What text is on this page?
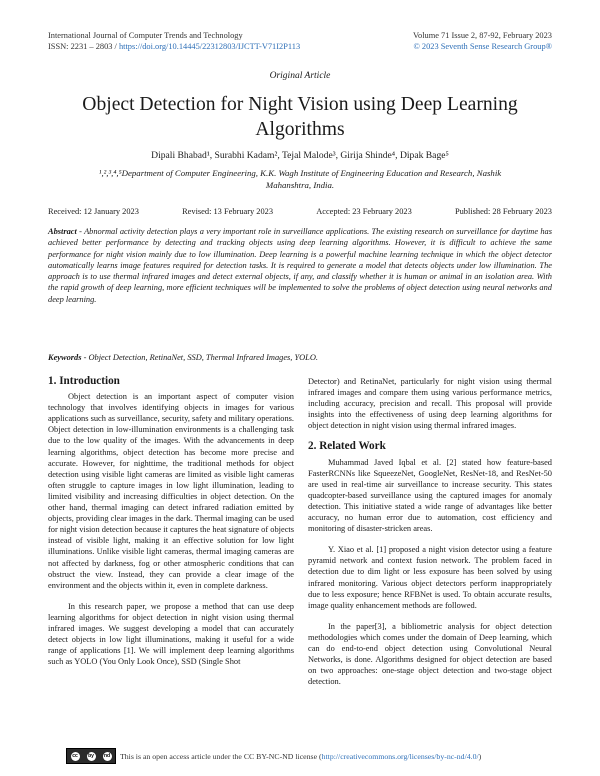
International Journal of Computer Trends and Technology
ISSN: 2231 – 2803 / https://doi.org/10.14445/22312803/IJCTT-V71I2P113
Volume 71 Issue 2, 87-92, February 2023
© 2023 Seventh Sense Research Group®
Original Article
Object Detection for Night Vision using Deep Learning Algorithms
Dipali Bhabad¹, Surabhi Kadam², Tejal Malode³, Girija Shinde⁴, Dipak Bage⁵
¹,²,³,⁴,⁵Department of Computer Engineering, K.K. Wagh Institute of Engineering Education and Research, Nashik Mahanshtra, India.
Received: 12 January 2023	Revised: 13 February 2023	Accepted: 23 February 2023	Published: 28 February 2023
Abstract - Abnormal activity detection plays a very important role in surveillance applications. The existing research on surveillance for daytime has achieved better performance by detecting and tracking objects using deep learning algorithms. However, it is difficult to achieve the same performance for night vision mainly due to low illumination. Deep learning is a powerful machine learning technique in which the object detector automatically learns image features required for detection tasks. It is required to generate a model that detects objects under low illumination. The approach is to use thermal infrared images and detect external objects, if any, and classify whether it is human or animal in an isolation area. With the rapid growth of deep learning, more efficient techniques will be implemented to solve the problems of object detection using neural networks and deep learning.
Keywords - Object Detection, RetinaNet, SSD, Thermal Infrared Images, YOLO.
1. Introduction

Object detection is an important aspect of computer vision technology that involves identifying objects in images for various applications such as surveillance, security, safety and military operations. Object detection in low-illumination environments is a challenging task due to the low quality of the images. With the advancements in deep learning algorithms, object detection has become more precise and accurate. However, for nighttime, the traditional methods for object detection using visible light cameras are limited as visible light cameras often struggle to capture images in low light illumination, leading to limited visibility and increasing difficulties in object detection. On the other hand, thermal imaging can detect infrared radiation emitted by objects, providing clear images in the dark. Thermal imaging can be used for night vision detection because it captures the heat signature of objects instead of visible light, making it an effective solution for low light illuminations. Unlike visible light cameras, thermal imaging cameras are not affected by darkness, fog or other atmospheric conditions that can obstruct the view. Instead, they can provide a clear image of the environment and the objects within it, even in complete darkness.

In this research paper, we propose a method that can use deep learning algorithms for object detection in night vision using thermal infrared images. We suggest developing a model that can accurately detect objects in low light illuminations, making it useful for a wide range of applications [1]. We will implement deep learning algorithms such as YOLO (You Only Look Once), SSD (Single Shot

Detector) and RetinaNet, particularly for night vision using thermal infrared images and compare them using various performance metrics, including accuracy, precision and recall. This proposal will provide insights into the effectiveness of using deep learning algorithms for object detection in night vision using thermal infrared images.

2. Related Work

Muhammad Javed Iqbal et al. [2] stated how feature-based FasterRCNNs like SqueezeNet, GoogleNet, ResNet-18, and ResNet-50 are used in real-time air surveillance to increase security. This states quadcopter-based surveillance using the captured images for anomaly detection. This initiative stated a wide range of advantages like better accuracy, no human error due to automation, cost efficiency and monitoring of disaster-stricken areas.

Y. Xiao et al. [1] proposed a night vision detector using a feature pyramid network and context fusion network. The problem faced in detection due to dim light or less exposure has been solved by using infrared monitoring. Various object detectors perform inappropriately due to less exposure; hence RFBNet is used. To obtain accurate results, image quality enhancement methods are followed.

In the paper[3], a bibliometric analysis for object detection methodologies which comes under the domain of Deep learning, which can do end-to-end object detection using Convolutional Neural Networks, is done. Algorithms designed for object detection are based on two approaches: one-stage object detection and two-stage object detection.

cc	by	nd This is an open access article under the CC BY-NC-ND license ( http://creativecommons.org/licenses/by-nc-nd/4.0/ )
